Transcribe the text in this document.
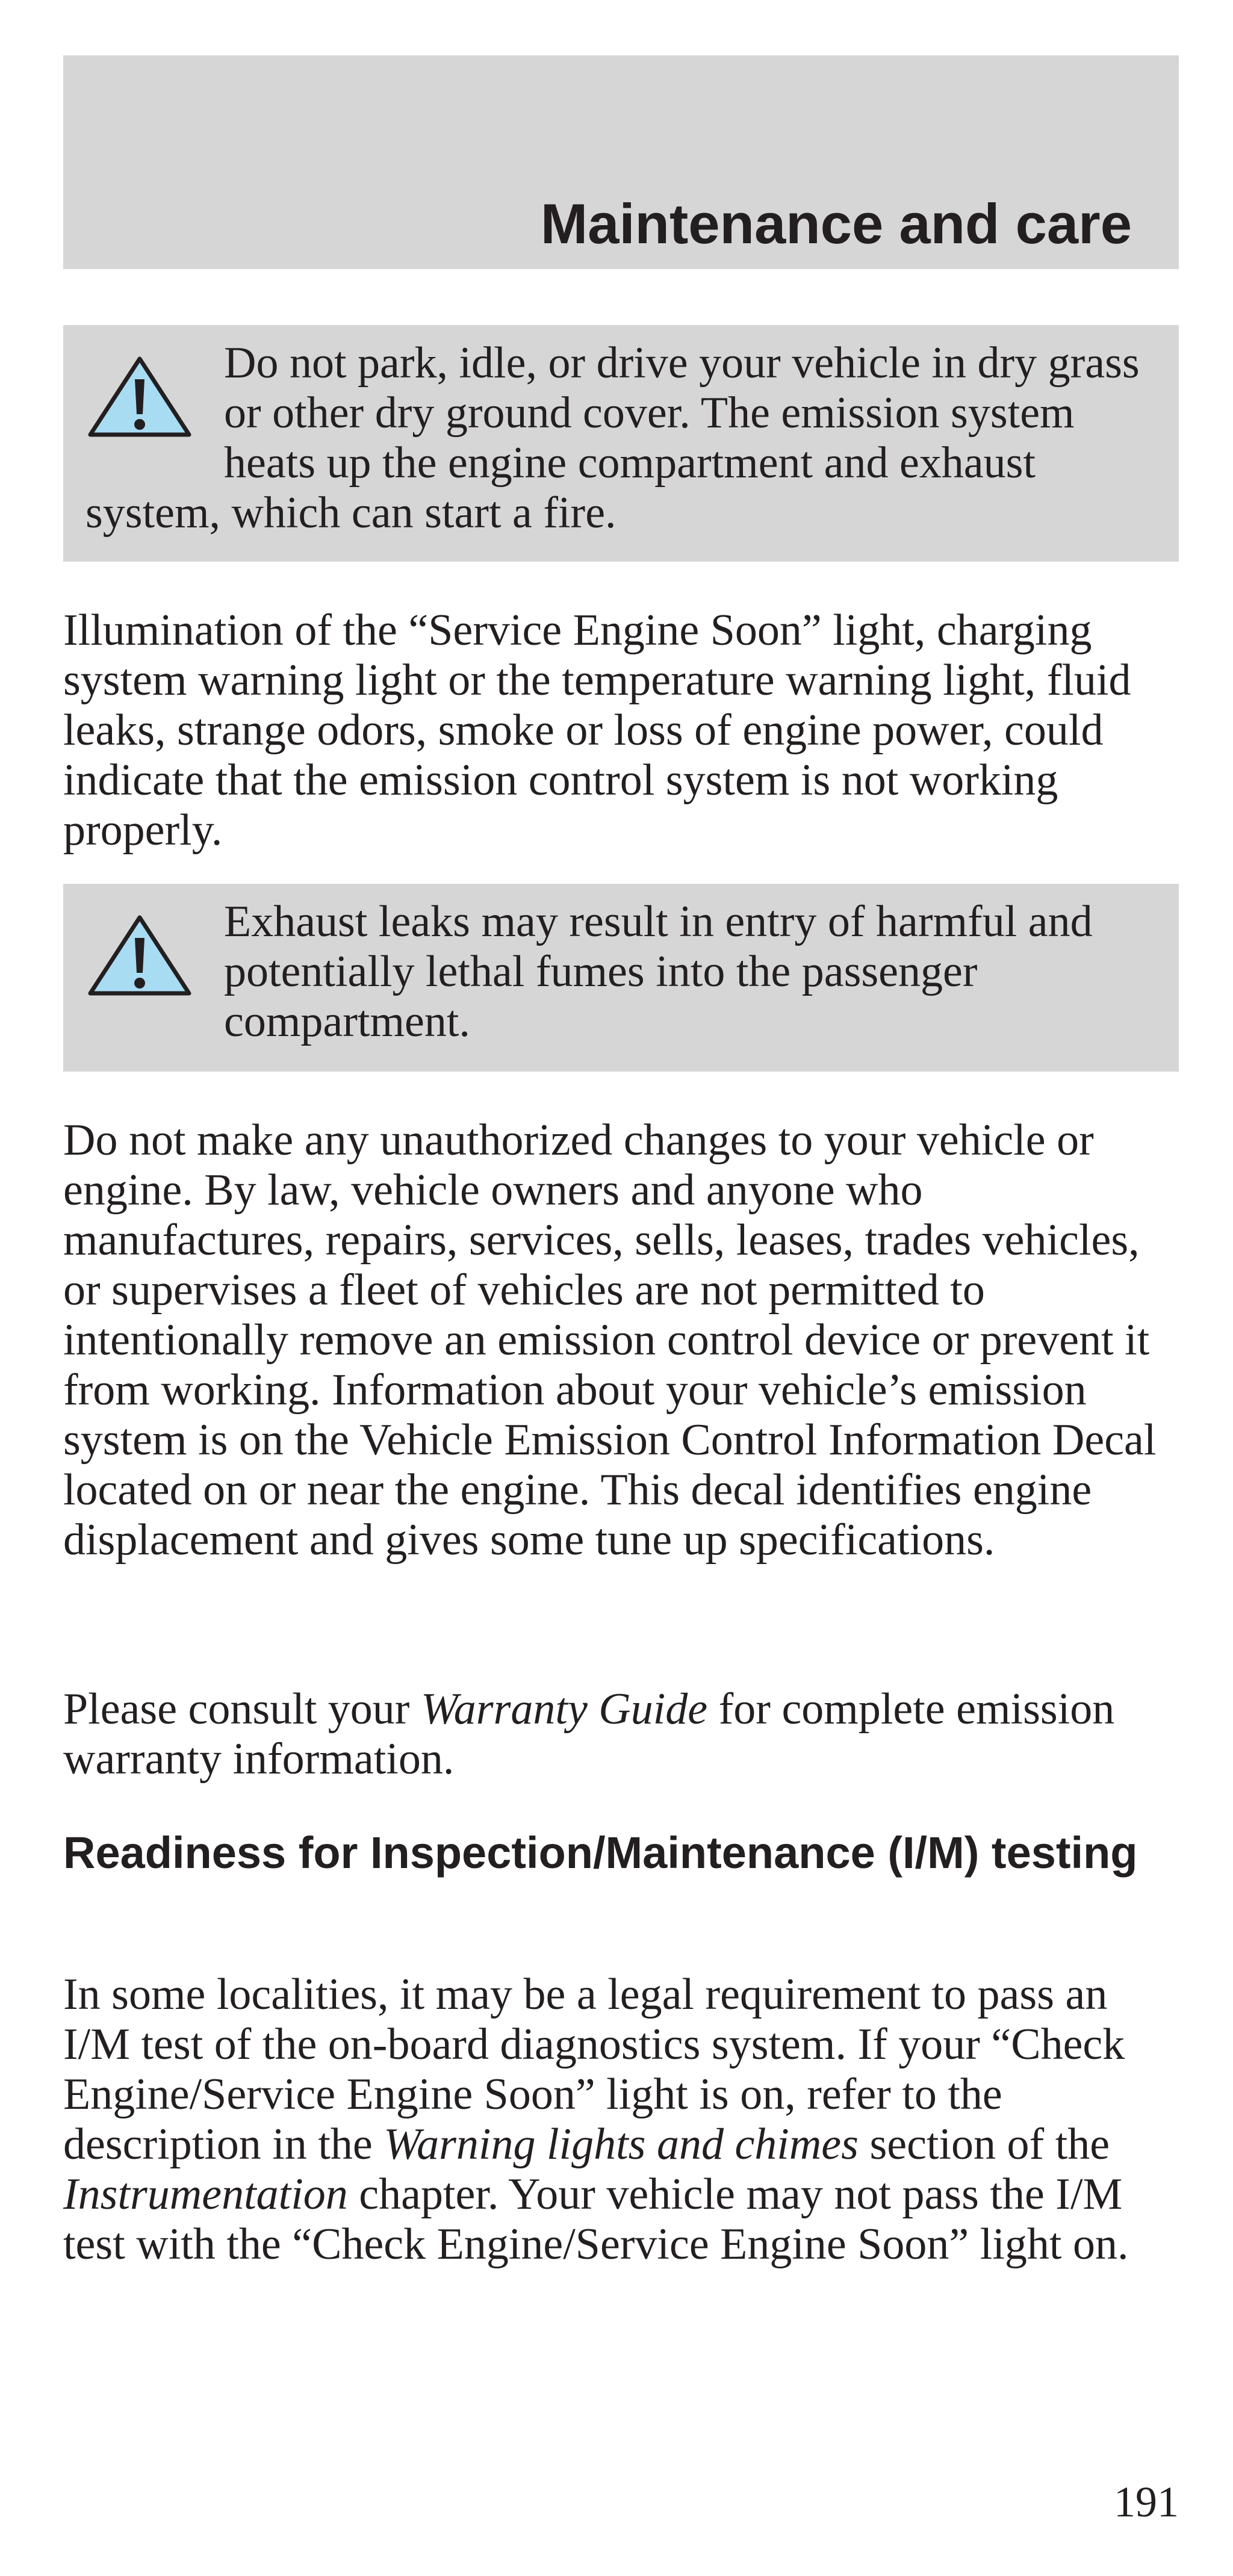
Maintenance and care
Do not park, idle, or drive your vehicle in dry grass or other dry ground cover. The emission system heats up the engine compartment and exhaust system, which can start a fire.

Illumination of the “Service Engine Soon” light, charging system warning light or the temperature warning light, fluid leaks, strange odors, smoke or loss of engine power, could indicate that the emission control system is not working properly.

Exhaust leaks may result in entry of harmful and potentially lethal fumes into the passenger compartment.

Do not make any unauthorized changes to your vehicle or engine. By law, vehicle owners and anyone who manufactures, repairs, services, sells, leases, trades vehicles, or supervises a fleet of vehicles are not permitted to intentionally remove an emission control device or prevent it from working. Information about your vehicle’s emission system is on the Vehicle Emission Control Information Decal located on or near the engine. This decal identifies engine displacement and gives some tune up specifications.

Please consult your Warranty Guide for complete emission warranty information.

Readiness for Inspection/Maintenance (I/M) testing

In some localities, it may be a legal requirement to pass an I/M test of the on-board diagnostics system. If your “Check Engine/Service Engine Soon” light is on, refer to the description in the Warning lights and chimes section of the Instrumentation chapter. Your vehicle may not pass the I/M test with the “Check Engine/Service Engine Soon” light on.

191
